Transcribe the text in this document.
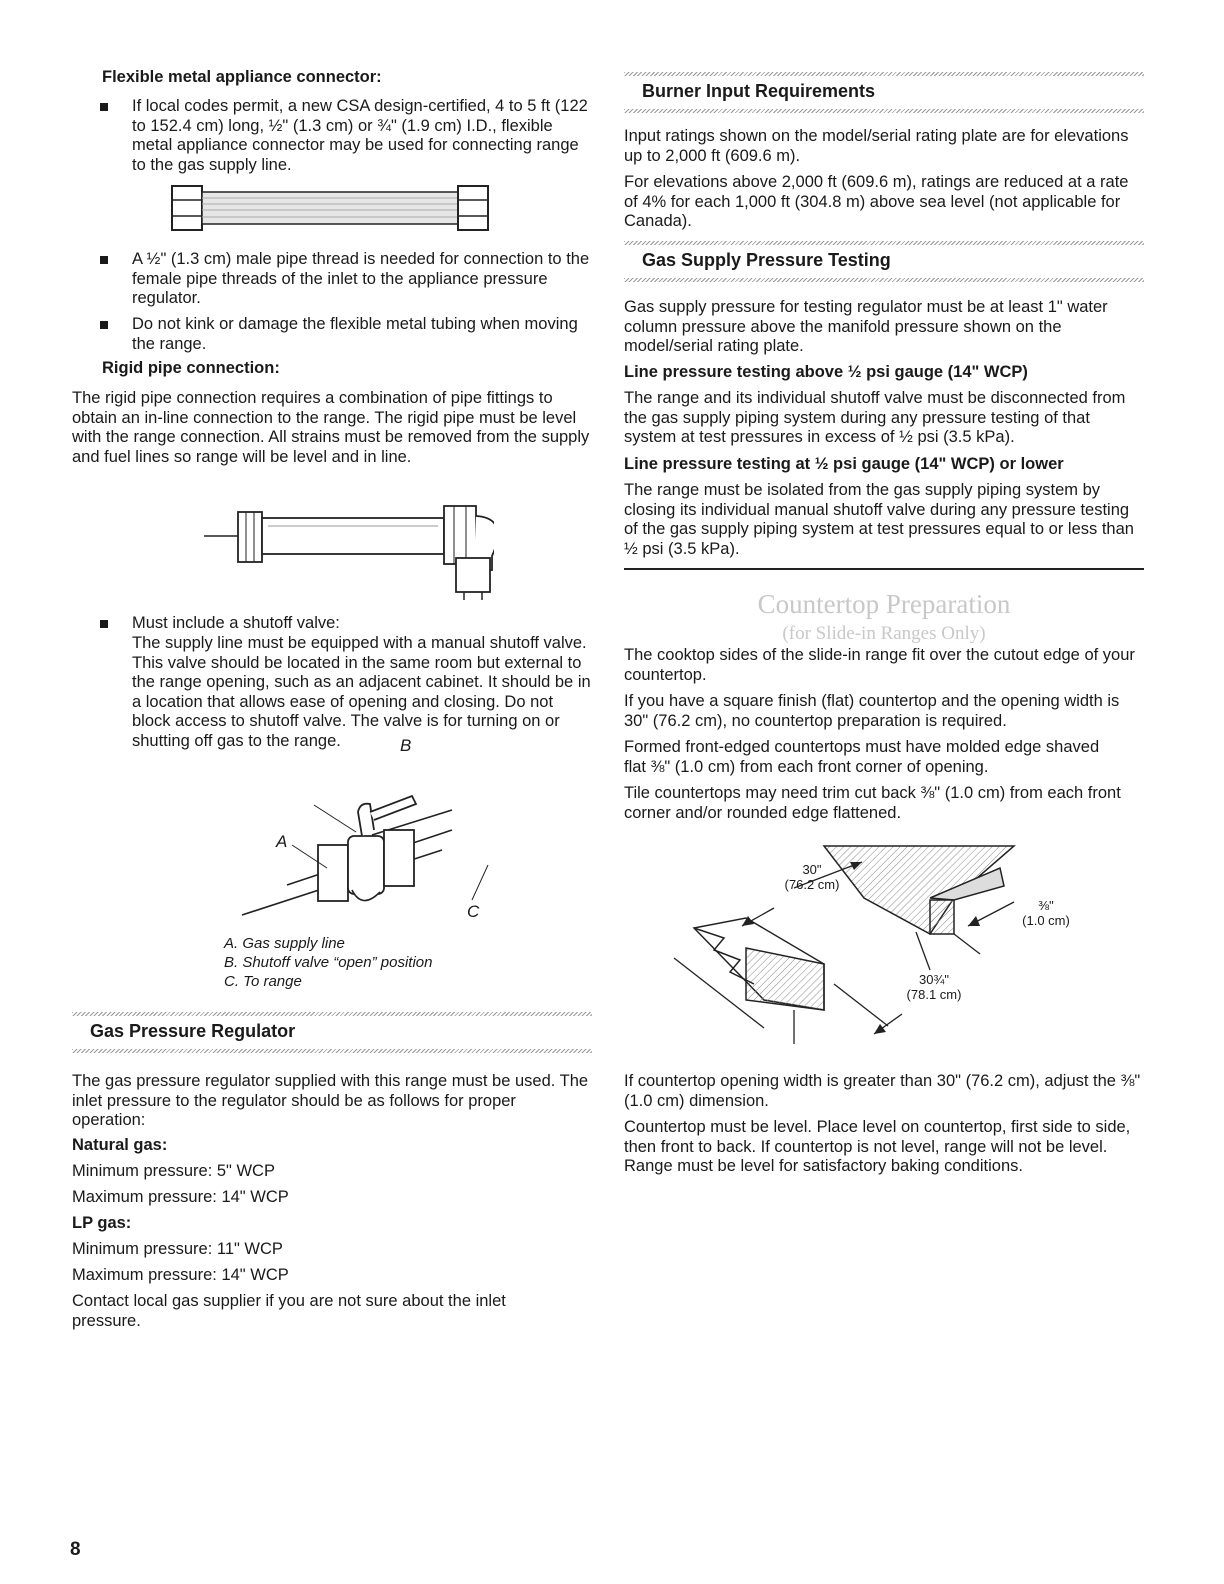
Flexible metal appliance connector:

If local codes permit, a new CSA design-certified, 4 to 5 ft (122 to 152.4 cm) long, ½" (1.3 cm) or ¾" (1.9 cm) I.D., flexible metal appliance connector may be used for connecting range to the gas supply line.

A ½" (1.3 cm) male pipe thread is needed for connection to the female pipe threads of the inlet to the appliance pressure regulator.

Do not kink or damage the flexible metal tubing when moving the range.

Rigid pipe connection:

The rigid pipe connection requires a combination of pipe fittings to obtain an in-line connection to the range. The rigid pipe must be level with the range connection. All strains must be removed from the supply and fuel lines so range will be level and in line.

Must include a shutoff valve:

The supply line must be equipped with a manual shutoff valve. This valve should be located in the same room but external to the range opening, such as an adjacent cabinet. It should be in a location that allows ease of opening and closing. Do not block access to shutoff valve. The valve is for turning on or shutting off gas to the range.	B
A
C
A. Gas supply line
B. Shutoff valve “open” position
C. To range
Gas Pressure Regulator

The gas pressure regulator supplied with this range must be used. The inlet pressure to the regulator should be as follows for proper operation:

Natural gas:

Minimum pressure: 5" WCP

Maximum pressure: 14" WCP

LP gas:

Minimum pressure: 11" WCP

Maximum pressure: 14" WCP

Contact local gas supplier if you are not sure about the inlet pressure.

Burner Input Requirements

Input ratings shown on the model/serial rating plate are for elevations up to 2,000 ft (609.6 m).

For elevations above 2,000 ft (609.6 m), ratings are reduced at a rate of 4% for each 1,000 ft (304.8 m) above sea level (not applicable for Canada).

Gas Supply Pressure Testing

Gas supply pressure for testing regulator must be at least 1" water column pressure above the manifold pressure shown on the model/serial rating plate.

Line pressure testing above ½ psi gauge (14" WCP)

The range and its individual shutoff valve must be disconnected from the gas supply piping system during any pressure testing of that system at test pressures in excess of ½ psi (3.5 kPa).

Line pressure testing at ½ psi gauge (14" WCP) or lower

The range must be isolated from the gas supply piping system by closing its individual manual shutoff valve during any pressure testing of the gas supply piping system at test pressures equal to or less than ½ psi (3.5 kPa).

Countertop Preparation
(for Slide-in Ranges Only)

The cooktop sides of the slide-in range fit over the cutout edge of your countertop.

If you have a square finish (flat) countertop and the opening width is 30" (76.2 cm), no countertop preparation is required.

Formed front-edged countertops must have molded edge shaved flat ⅜" (1.0 cm) from each front corner of opening.

Tile countertops may need trim cut back ⅜" (1.0 cm) from each front corner and/or rounded edge flattened.

30"
(76.2 cm)
⅜"
(1.0 cm)
30¾"
(78.1 cm)

If countertop opening width is greater than 30" (76.2 cm), adjust the ⅜" (1.0 cm) dimension.

Countertop must be level. Place level on countertop, first side to side, then front to back. If countertop is not level, range will not be level. Range must be level for satisfactory baking conditions.

8
